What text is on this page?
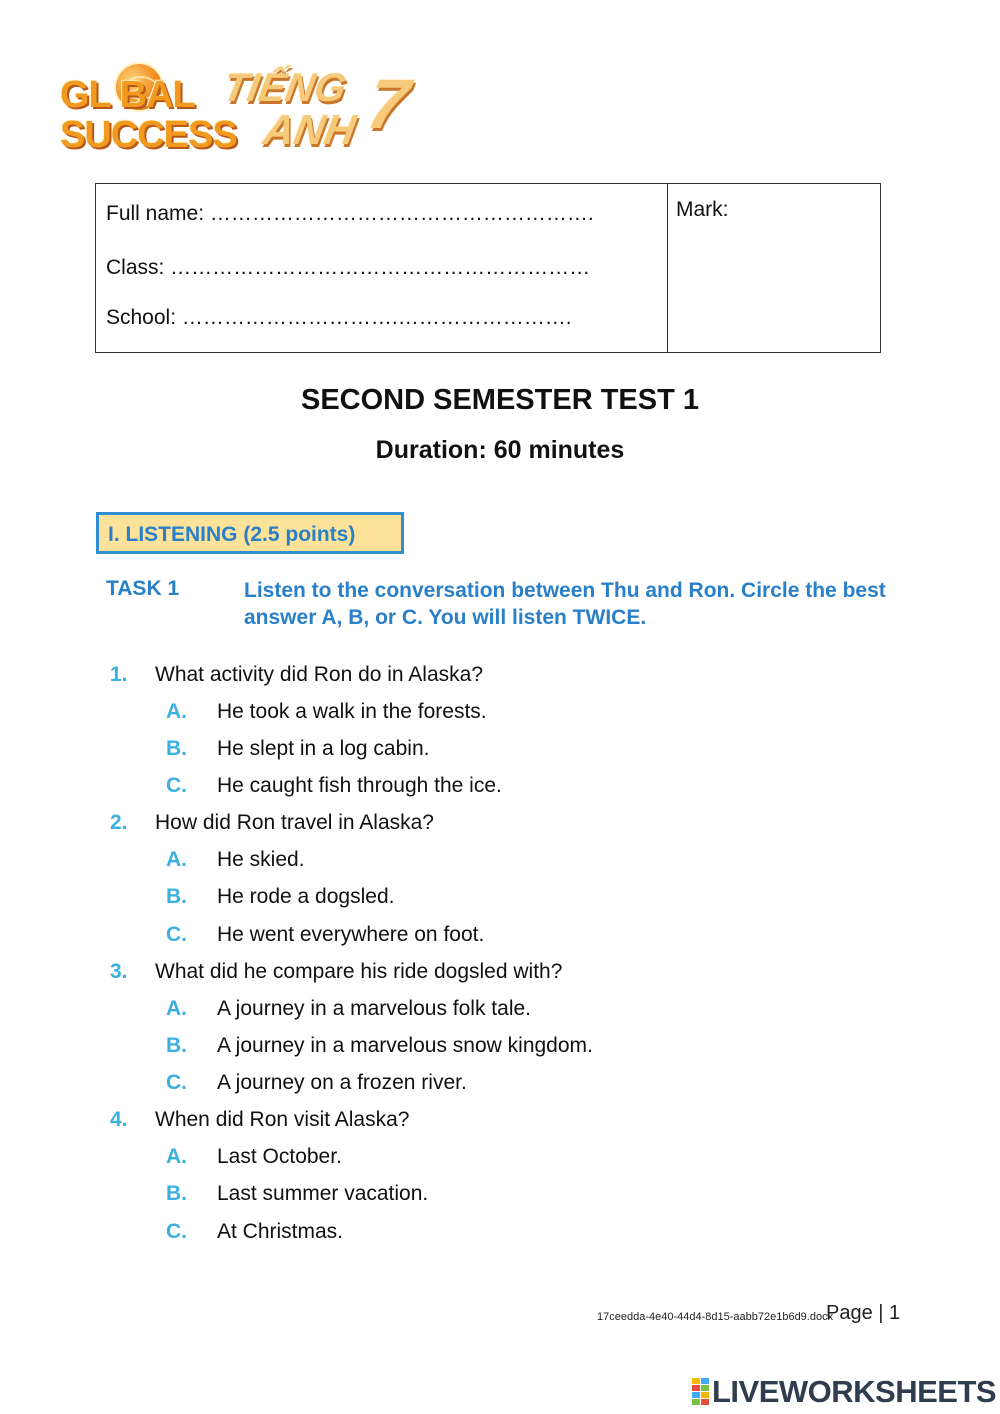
GL BAL
SUCCESS
TIẾNG
ANH 7
Full name: ……………………………………………….
Class: ……………………………………………………
School: ………………………….…………………….
Mark:
SECOND SEMESTER TEST 1
Duration: 60 minutes
I. LISTENING (2.5 points)
TASK 1	Listen to the conversation between Thu and Ron. Circle the best answer A, B, or C. You will listen TWICE.
1. What activity did Ron do in Alaska?
A. He took a walk in the forests.
B. He slept in a log cabin.
C. He caught fish through the ice.
2. How did Ron travel in Alaska?
A. He skied.
B. He rode a dogsled.
C. He went everywhere on foot.
3. What did he compare his ride dogsled with?
A. A journey in a marvelous folk tale.
B. A journey in a marvelous snow kingdom.
C. A journey on a frozen river.
4. When did Ron visit Alaska?
A. Last October.
B. Last summer vacation.
C. At Christmas.
17ceedda-4e40-44d4-8d15-aabb72e1b6d9.docx
Page | 1
LIVEWORKSHEETS
